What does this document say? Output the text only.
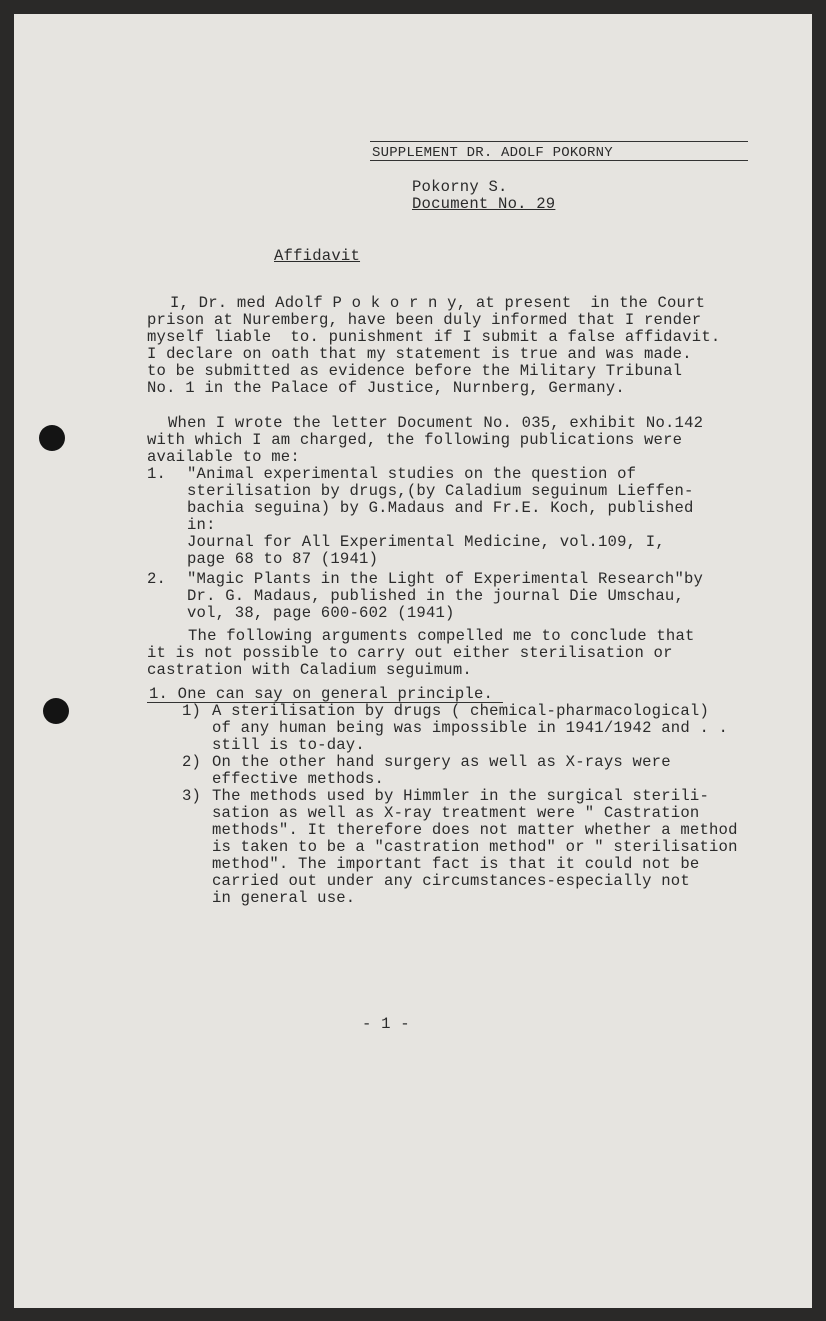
SUPPLEMENT DR. ADOLF POKORNY
Pokorny S.
Document No. 29
Affidavit
I, Dr. med Adolf P o k o r n y, at present  in the Court
prison at Nuremberg, have been duly informed that I render
myself liable  to. punishment if I submit a false affidavit.
I declare on oath that my statement is true and was made.
to be submitted as evidence before the Military Tribunal
No. 1 in the Palace of Justice, Nurnberg, Germany.
When I wrote the letter Document No. 035, exhibit No.142
with which I am charged, the following publications were
available to me:
1. "Animal experimental studies on the question of
sterilisation by drugs,(by Caladium seguinum Lieffen-
bachia seguina) by G.Madaus and Fr.E. Koch, published
in:
Journal for All Experimental Medicine, vol.109, I,
page 68 to 87 (1941)
2. "Magic Plants in the Light of Experimental Research"by
Dr. G. Madaus, published in the journal Die Umschau,
vol, 38, page 600-602 (1941)
The following arguments compelled me to conclude that
it is not possible to carry out either sterilisation or
castration with Caladium seguimum.
1. One can say on general principle.
1) A sterilisation by drugs ( chemical-pharmacological)
of any human being was impossible in 1941/1942 and . .
still is to-day.
2) On the other hand surgery as well as X-rays were
effective methods.
3) The methods used by Himmler in the surgical sterili-
sation as well as X-ray treatment were " Castration
methods". It therefore does not matter whether a method
is taken to be a "castration method" or " sterilisation
method". The important fact is that it could not be
carried out under any circumstances-especially not
in general use.
- 1 -
